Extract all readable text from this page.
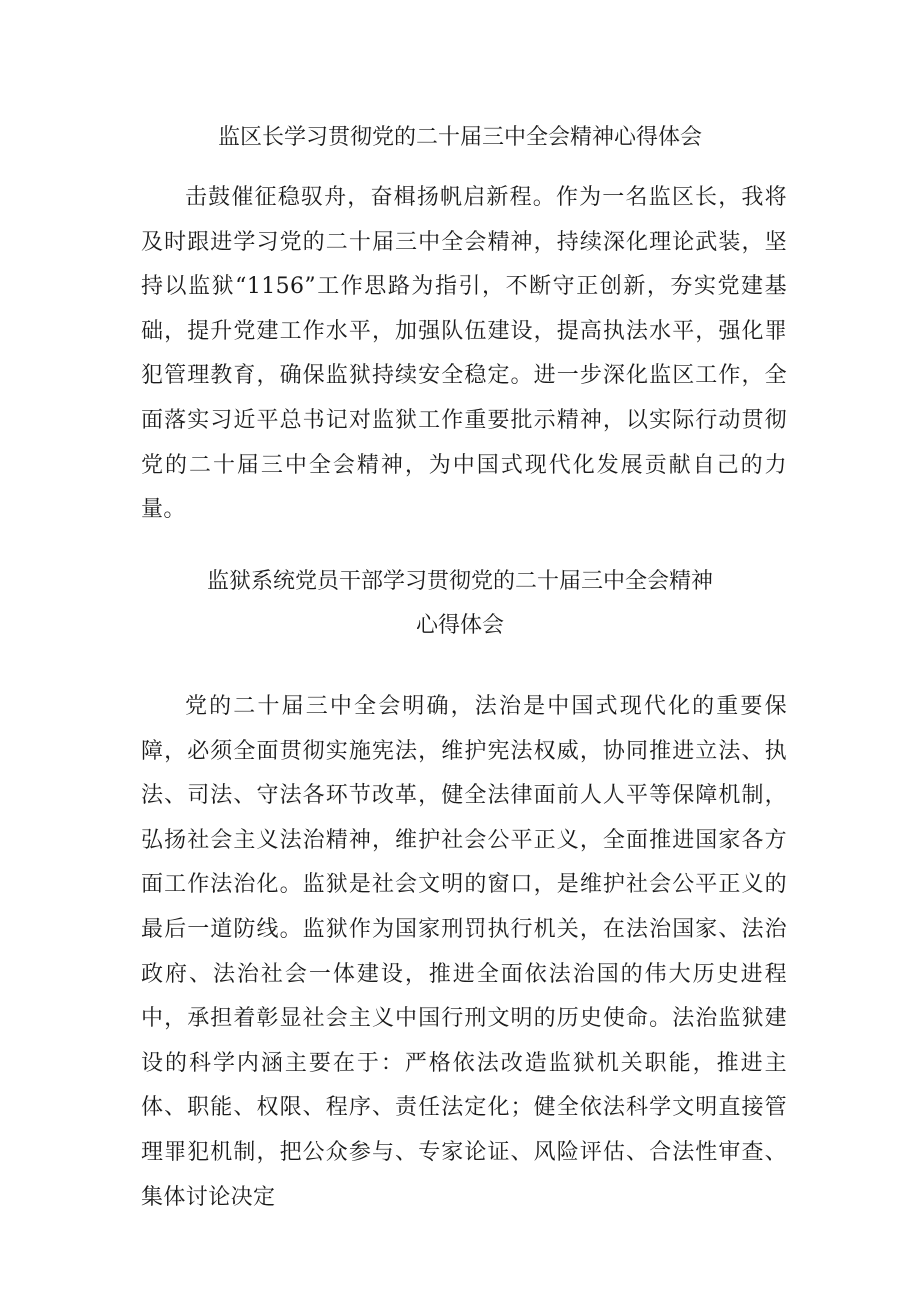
监区长学习贯彻党的二十届三中全会精神心得体会

击鼓催征稳驭舟，奋楫扬帆启新程。作为一名监区长，我将及时跟进学习党的二十届三中全会精神，持续深化理论武装，坚持以监狱“1156”工作思路为指引，不断守正创新，夯实党建基础，提升党建工作水平，加强队伍建设，提高执法水平，强化罪犯管理教育，确保监狱持续安全稳定。进一步深化监区工作，全面落实习近平总书记对监狱工作重要批示精神，以实际行动贯彻党的二十届三中全会精神，为中国式现代化发展贡献自己的力量。

监狱系统党员干部学习贯彻党的二十届三中全会精神
心得体会

党的二十届三中全会明确，法治是中国式现代化的重要保障，必须全面贯彻实施宪法，维护宪法权威，协同推进立法、执法、司法、守法各环节改革，健全法律面前人人平等保障机制，弘扬社会主义法治精神，维护社会公平正义，全面推进国家各方面工作法治化。监狱是社会文明的窗口，是维护社会公平正义的最后一道防线。监狱作为国家刑罚执行机关，在法治国家、法治政府、法治社会一体建设，推进全面依法治国的伟大历史进程中，承担着彰显社会主义中国行刑文明的历史使命。法治监狱建设的科学内涵主要在于：严格依法改造监狱机关职能，推进主体、职能、权限、程序、责任法定化；健全依法科学文明直接管理罪犯机制，把公众参与、专家论证、风险评估、合法性审查、集体讨论决定
